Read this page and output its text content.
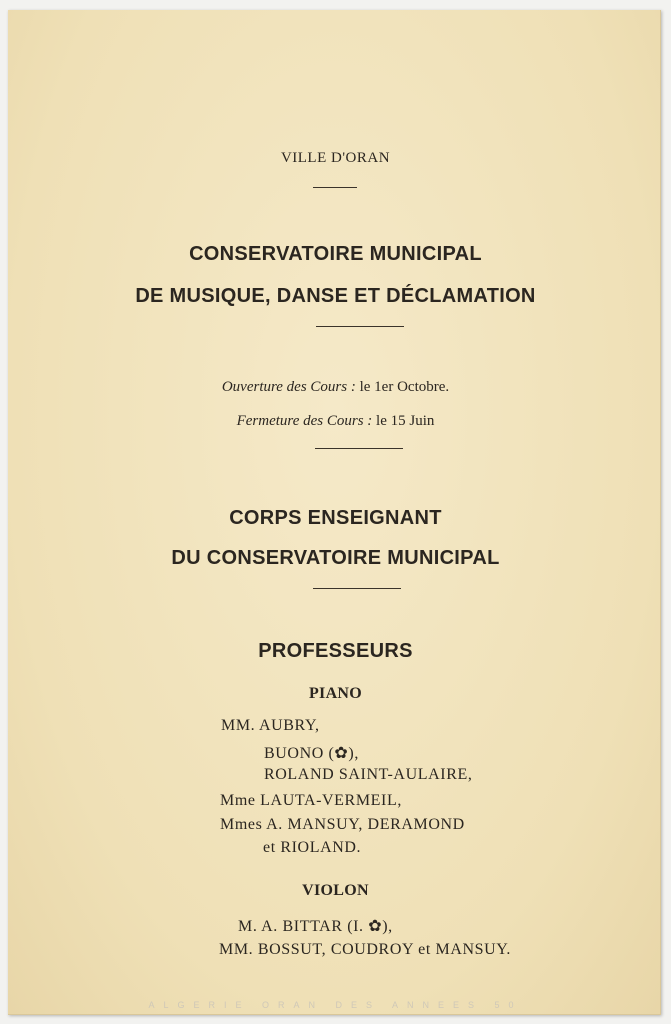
VILLE D'ORAN
CONSERVATOIRE MUNICIPAL
DE MUSIQUE, DANSE ET DÉCLAMATION
Ouverture des Cours : le 1er Octobre.
Fermeture des Cours : le 15 Juin
CORPS ENSEIGNANT
DU CONSERVATOIRE MUNICIPAL
PROFESSEURS
PIANO
MM. AUBRY,
BUONO (✿),
ROLAND SAINT-AULAIRE,
Mme LAUTA-VERMEIL,
Mmes A. MANSUY, DERAMOND
et RIOLAND.
VIOLON
M. A. BITTAR (I. ✿),
MM. BOSSUT, COUDROY et MANSUY.
ALGERIE ORAN DES ANNEES 50
